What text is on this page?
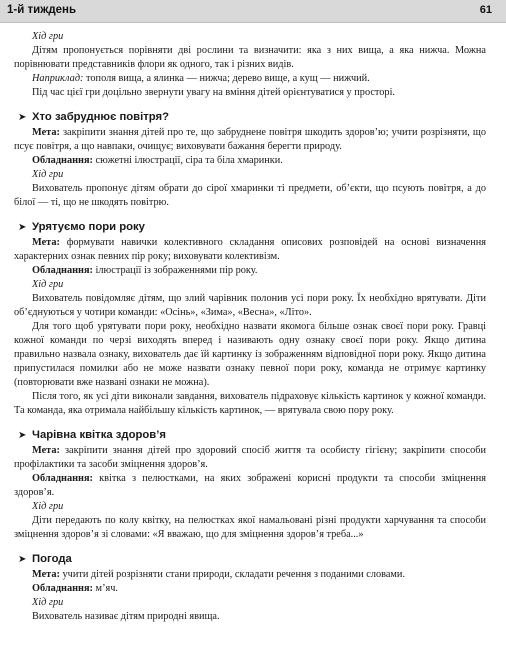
1-й тиждень	61

Хід гри

Дітям пропонується порівняти дві рослини та визначити: яка з них вища, а яка нижча. Можна порівнювати представників флори як одного, так і різних видів.

Наприклад: тополя вища, а ялинка — нижча; дерево вище, а кущ — нижчий.

Під час цієї гри доцільно звернути увагу на вміння дітей орієнтуватися у просторі.

➤ Хто забруднює повітря?

Мета: закріпити знання дітей про те, що забруднене повітря шкодить здоров’ю; учити розрізняти, що псує повітря, а що навпаки, очищує; виховувати бажання берегти природу.

Обладнання: сюжетні ілюстрації, сіра та біла хмаринки.

Хід гри

Вихователь пропонує дітям обрати до сірої хмаринки ті предмети, об’єкти, що псують повітря, а до білої — ті, що не шкодять повітрю.

➤ Урятуємо пори року

Мета: формувати навички колективного складання описових розповідей на основі визначення характерних ознак певних пір року; виховувати колективізм.

Обладнання: ілюстрації із зображеннями пір року.

Хід гри

Вихователь повідомляє дітям, що злий чарівник полонив усі пори року. Їх необхідно врятувати. Діти об’єднуються у чотири команди: «Осінь», «Зима», «Весна», «Літо».

Для того щоб урятувати пори року, необхідно назвати якомога більше ознак своєї пори року. Гравці кожної команди по черзі виходять вперед і називають одну ознаку своєї пори року. Якщо дитина правильно назвала ознаку, вихователь дає їй картинку із зображенням відповідної пори року. Якщо дитина припустилася помилки або не може назвати ознаку певної пори року, команда не отримує картинку (повторювати вже названі ознаки не можна).

Після того, як усі діти виконали завдання, вихователь підраховує кількість картинок у кожної команди. Та команда, яка отримала найбільшу кількість картинок, — врятувала свою пору року.

➤ Чарівна квітка здоров’я

Мета: закріпити знання дітей про здоровий спосіб життя та особисту гігієну; закріпити способи профілактики та засоби зміцнення здоров’я.

Обладнання: квітка з пелюстками, на яких зображені корисні продукти та способи зміцнення здоров’я.

Хід гри

Діти передають по колу квітку, на пелюстках якої намальовані різні продукти харчування та способи зміцнення здоров’я зі словами: «Я вважаю, що для зміцнення здоров’я треба...»

➤ Погода

Мета: учити дітей розрізняти стани природи, складати речення з поданими словами.

Обладнання: м’яч.

Хід гри

Вихователь називає дітям природні явища.
